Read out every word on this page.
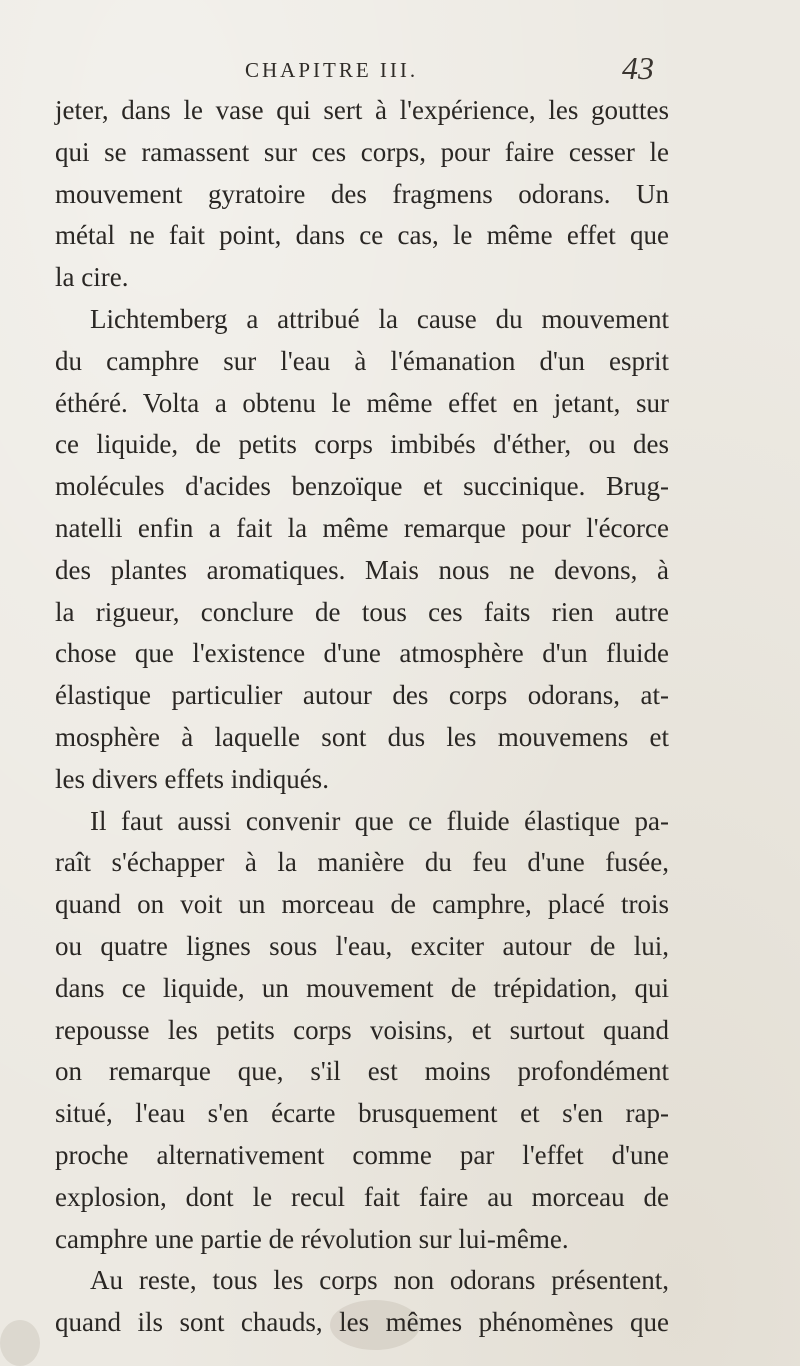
CHAPITRE III.	43
jeter, dans le vase qui sert à l'expérience, les gouttes
qui se ramassent sur ces corps, pour faire cesser le
mouvement gyratoire des fragmens odorans. Un
métal ne fait point, dans ce cas, le même effet que
la cire.
Lichtemberg a attribué la cause du mouvement
du camphre sur l'eau à l'émanation d'un esprit
éthéré. Volta a obtenu le même effet en jetant, sur
ce liquide, de petits corps imbibés d'éther, ou des
molécules d'acides benzoïque et succinique. Brug-
natelli enfin a fait la même remarque pour l'écorce
des plantes aromatiques. Mais nous ne devons, à
la rigueur, conclure de tous ces faits rien autre
chose que l'existence d'une atmosphère d'un fluide
élastique particulier autour des corps odorans, at-
mosphère à laquelle sont dus les mouvemens et
les divers effets indiqués.
Il faut aussi convenir que ce fluide élastique pa-
raît s'échapper à la manière du feu d'une fusée,
quand on voit un morceau de camphre, placé trois
ou quatre lignes sous l'eau, exciter autour de lui,
dans ce liquide, un mouvement de trépidation, qui
repousse les petits corps voisins, et surtout quand
on remarque que, s'il est moins profondément
situé, l'eau s'en écarte brusquement et s'en rap-
proche alternativement comme par l'effet d'une
explosion, dont le recul fait faire au morceau de
camphre une partie de révolution sur lui-même.
Au reste, tous les corps non odorans présentent,
quand ils sont chauds, les mêmes phénomènes que
